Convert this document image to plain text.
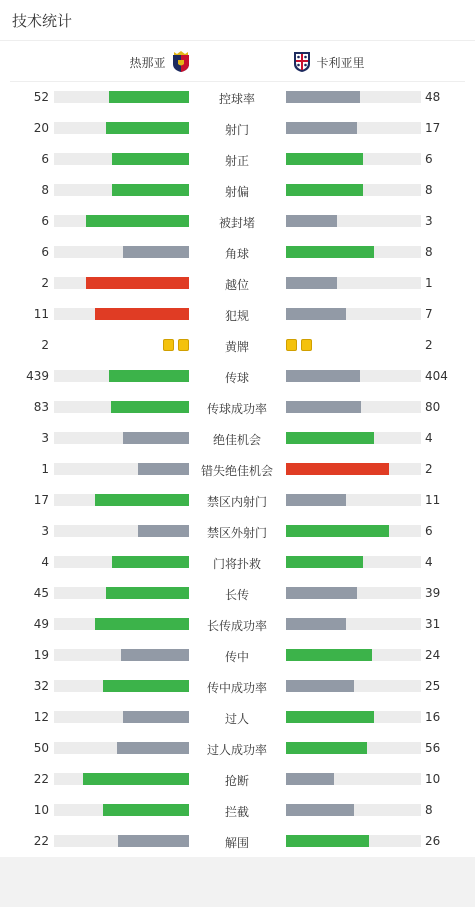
技术统计
热那亚	卡利亚里
52	控球率	48
20	射门	17
6	射正	6
8	射偏	8
6	被封堵	3
6	角球	8
2	越位	1
11	犯规	7
2	黄牌	2
439	传球	404
83	传球成功率	80
3	绝佳机会	4
1	错失绝佳机会	2
17	禁区内射门	11
3	禁区外射门	6
4	门将扑救	4
45	长传	39
49	长传成功率	31
19	传中	24
32	传中成功率	25
12	过人	16
50	过人成功率	56
22	抢断	10
10	拦截	8
22	解围	26
